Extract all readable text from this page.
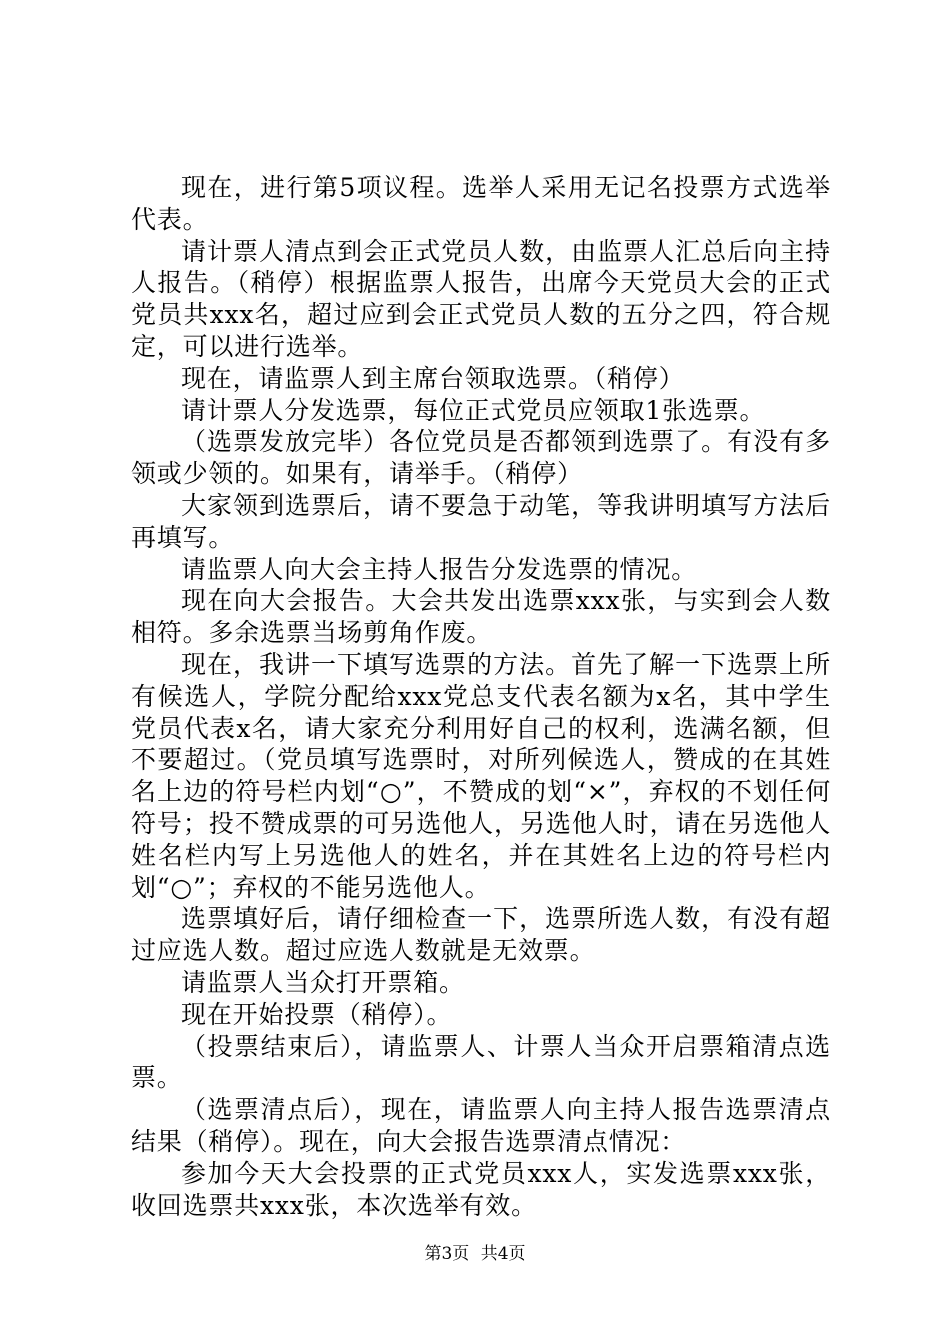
现在，进行第5项议程。选举人采用无记名投票方式选举代表。

请计票人清点到会正式党员人数，由监票人汇总后向主持人报告。（稍停）根据监票人报告，出席今天党员大会的正式党员共xxx名，超过应到会正式党员人数的五分之四，符合规定，可以进行选举。

现在，请监票人到主席台领取选票。（稍停）

请计票人分发选票，每位正式党员应领取1张选票。

（选票发放完毕）各位党员是否都领到选票了。有没有多领或少领的。如果有，请举手。（稍停）

大家领到选票后，请不要急于动笔，等我讲明填写方法后再填写。

请监票人向大会主持人报告分发选票的情况。

现在向大会报告。大会共发出选票xxx张，与实到会人数相符。多余选票当场剪角作废。

现在，我讲一下填写选票的方法。首先了解一下选票上所有候选人，学院分配给xxx党总支代表名额为x名，其中学生党员代表x名，请大家充分利用好自己的权利，选满名额，但不要超过。（党员填写选票时，对所列候选人，赞成的在其姓名上边的符号栏内划“○”，不赞成的划“×”，弃权的不划任何符号；投不赞成票的可另选他人，另选他人时，请在另选他人姓名栏内写上另选他人的姓名，并在其姓名上边的符号栏内划“○”；弃权的不能另选他人。

选票填好后，请仔细检查一下，选票所选人数，有没有超过应选人数。超过应选人数就是无效票。

请监票人当众打开票箱。

现在开始投票（稍停）。

（投票结束后），请监票人、计票人当众开启票箱清点选票。

（选票清点后），现在，请监票人向主持人报告选票清点结果（稍停）。现在，向大会报告选票清点情况：

参加今天大会投票的正式党员xxx人，实发选票xxx张，收回选票共xxx张，本次选举有效。

第3页 共4页
